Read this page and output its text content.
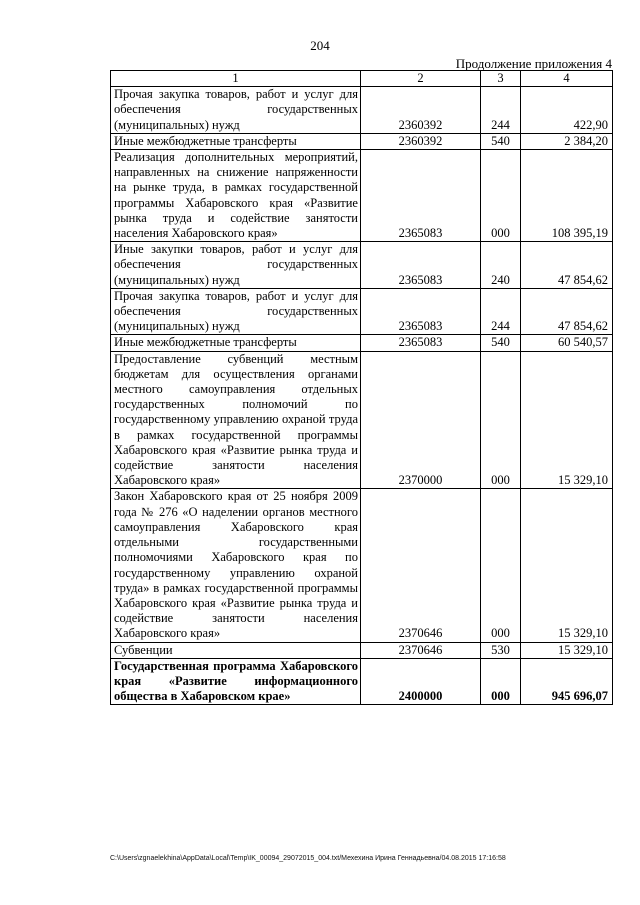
204
Продолжение приложения 4
1	2	3	4
Прочая закупка товаров, работ и услуг для обеспечения государственных (муниципальных) нужд	2360392	244	422,90
Иные межбюджетные трансферты	2360392	540	2 384,20
Реализация дополнительных мероприятий, направленных на снижение напряженности на рынке труда, в рамках государственной программы Хабаровского края «Развитие рынка труда и содействие занятости населения Хабаровского края»	2365083	000	108 395,19
Иные закупки товаров, работ и услуг для обеспечения государственных (муниципальных) нужд	2365083	240	47 854,62
Прочая закупка товаров, работ и услуг для обеспечения государственных (муниципальных) нужд	2365083	244	47 854,62
Иные межбюджетные трансферты	2365083	540	60 540,57
Предоставление субвенций местным бюджетам для осуществления органами местного самоуправления отдельных государственных полномочий по государственному управлению охраной труда в рамках государственной программы Хабаровского края «Развитие рынка труда и содействие занятости населения Хабаровского края»	2370000	000	15 329,10
Закон Хабаровского края от 25 ноября 2009 года № 276 «О наделении органов местного самоуправления Хабаровского края отдельными государственными полномочиями Хабаровского края по государственному управлению охраной труда» в рамках государственной программы Хабаровского края «Развитие рынка труда и содействие занятости населения Хабаровского края»	2370646	000	15 329,10
Субвенции	2370646	530	15 329,10
Государственная программа Хабаровского края «Развитие информационного общества в Хабаровском крае»	2400000	000	945 696,07
C:\Users\zgnaelekhina\AppData\Local\Temp\IK_00094_29072015_004.txt/Мехехина Ирина Геннадьевна/04.08.2015 17:16:58
